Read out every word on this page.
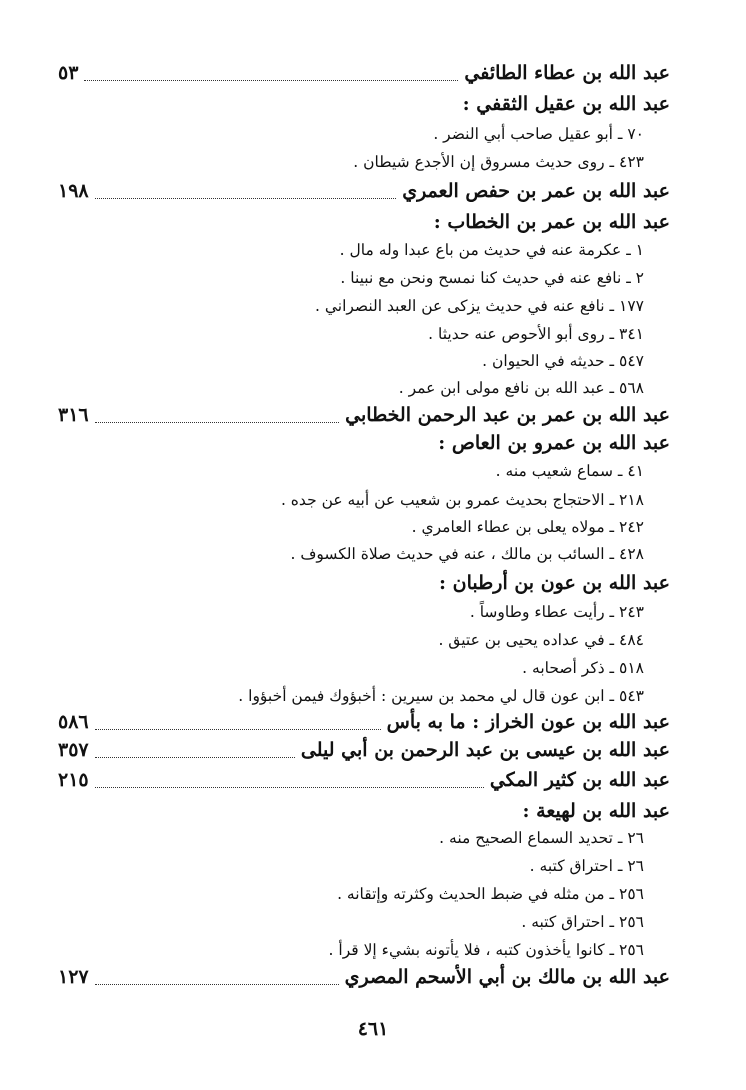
عبد الله بن عطاء الطائفي
٥٣
عبد الله بن عقيل الثقفي :
٧٠ ـ أبو عقيل صاحب أبي النضر .
٤٢٣ ـ روى حديث مسروق إن الأجدع شيطان .
عبد الله بن عمر بن حفص العمري
١٩٨
عبد الله بن عمر بن الخطاب :
١ ـ عكرمة عنه في حديث من باع عبدا وله مال .
٢ ـ نافع عنه في حديث كنا نمسح ونحن مع نبينا .
١٧٧ ـ نافع عنه في حديث يزكى عن العبد النصراني .
٣٤١ ـ روى أبو الأحوص عنه حديثا .
٥٤٧ ـ حديثه في الحيوان .
٥٦٨ ـ عبد الله بن نافع مولى ابن عمر .
عبد الله بن عمر بن عبد الرحمن الخطابي
٣١٦
عبد الله بن عمرو بن العاص :
٤١ ـ سماع شعيب منه .
٢١٨ ـ الاحتجاج بحديث عمرو بن شعيب عن أبيه عن جده .
٢٤٢ ـ مولاه يعلى بن عطاء العامري .
٤٢٨ ـ السائب بن مالك ، عنه في حديث صلاة الكسوف .
عبد الله بن عون بن أرطبان :
٢٤٣ ـ رأيت عطاء وطاوساً .
٤٨٤ ـ في عداده يحيى بن عتيق .
٥١٨ ـ ذكر أصحابه .
٥٤٣ ـ ابن عون قال لي محمد بن سيرين : أخبؤوك فيمن أخبؤوا .
عبد الله بن عون الخراز : ما به بأس
٥٨٦
عبد الله بن عيسى بن عبد الرحمن بن أبي ليلى
٣٥٧
عبد الله بن كثير المكي
٢١٥
عبد الله بن لهيعة :
٢٦ ـ تحديد السماع الصحيح منه .
٢٦ ـ احتراق كتبه .
٢٥٦ ـ من مثله في ضبط الحديث وكثرته وإتقانه .
٢٥٦ ـ احتراق كتبه .
٢٥٦ ـ كانوا يأخذون كتبه ، فلا يأتونه بشيء إلا قرأ .
عبد الله بن مالك بن أبي الأسحم المصري
١٢٧
٤٦١
